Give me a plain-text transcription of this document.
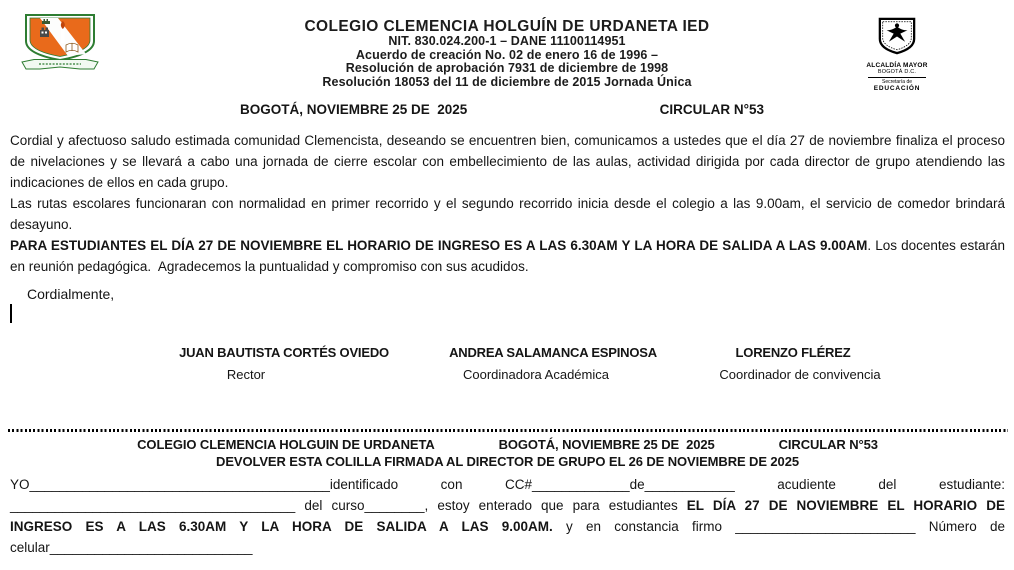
ALCALDÍA MAYOR
BOGOTÁ D.C.
Secretaría de
EDUCACIÓN
COLEGIO CLEMENCIA HOLGUÍN DE URDANETA IED
NIT. 830.024.200-1 – DANE 11100114951
Acuerdo de creación No. 02 de enero 16 de 1996 –
Resolución de aprobación 7931 de diciembre de 1998
Resolución 18053 del 11 de diciembre de 2015 Jornada Única
BOGOTÁ, NOVIEMBRE 25 DE  2025	CIRCULAR N°53

Cordial y afectuoso saludo estimada comunidad Clemencista, deseando se encuentren bien, comunicamos a ustedes que el día 27 de noviembre finaliza el proceso de nivelaciones y se llevará a cabo una jornada de cierre escolar con embellecimiento de las aulas, actividad dirigida por cada director de grupo atendiendo las indicaciones de ellos en cada grupo.

Las rutas escolares funcionaran con normalidad en primer recorrido y el segundo recorrido inicia desde el colegio a las 9.00am, el servicio de comedor brindará desayuno.

PARA ESTUDIANTES EL DÍA 27 DE NOVIEMBRE EL HORARIO DE INGRESO ES A LAS 6.30AM Y LA HORA DE SALIDA A LAS 9.00AM. Los docentes estarán en reunión pedagógica.  Agradecemos la puntualidad y compromiso con sus acudidos.

Cordialmente,
JUAN BAUTISTA CORTÉS OVIEDO
Rector
ANDREA SALAMANCA ESPINOSA
Coordinadora Académica
LORENZO FLÉREZ
Coordinador de convivencia
COLEGIO CLEMENCIA HOLGUIN DE URDANETA	BOGOTÁ, NOVIEMBRE 25 DE  2025	CIRCULAR N°53
DEVOLVER ESTA COLILLA FIRMADA AL DIRECTOR DE GRUPO EL 26 DE NOVIEMBRE DE 2025
YO________________________________________identificado con CC#_____________de____________ acudiente del estudiante:
______________________________________ del curso________, estoy enterado que para estudiantes EL DÍA 27 DE NOVIEMBRE EL HORARIO DE
INGRESO ES A LAS 6.30AM Y LA HORA DE SALIDA A LAS 9.00AM. y en constancia firmo ________________________ Número de
celular___________________________
